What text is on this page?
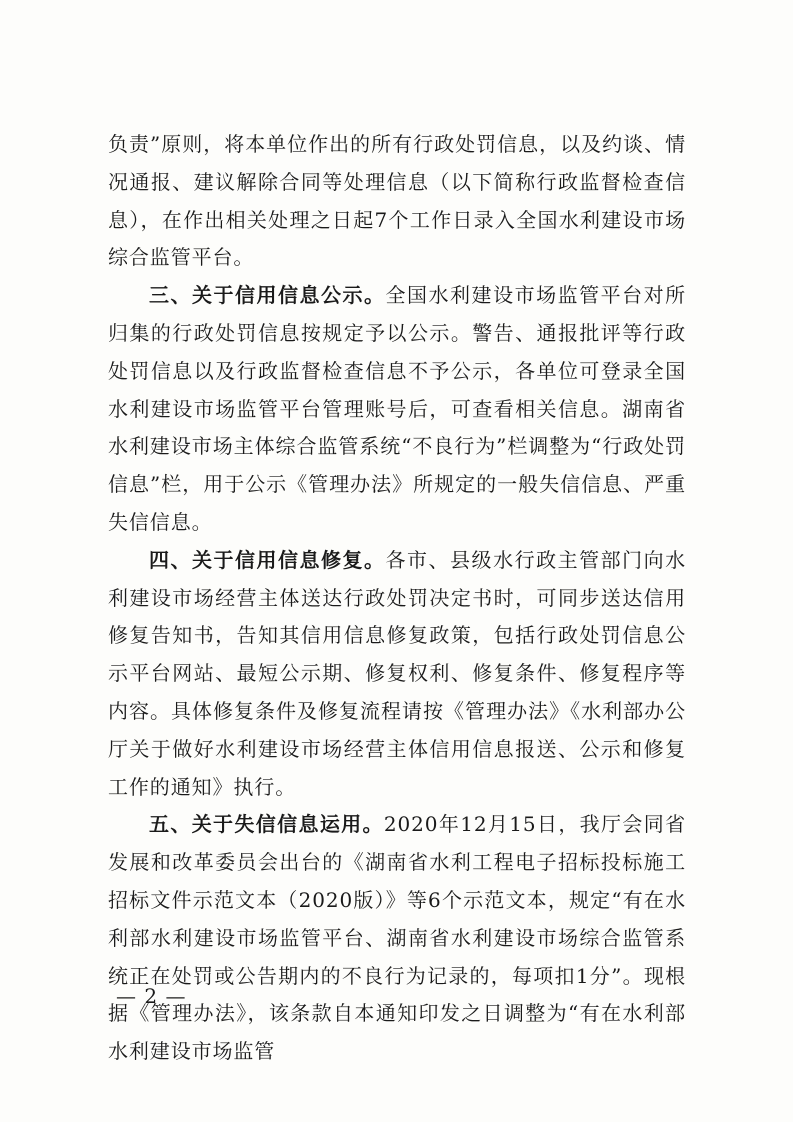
负责”原则，将本单位作出的所有行政处罚信息，以及约谈、情况通报、建议解除合同等处理信息（以下简称行政监督检查信息），在作出相关处理之日起7个工作日录入全国水利建设市场综合监管平台。

三、关于信用信息公示。全国水利建设市场监管平台对所归集的行政处罚信息按规定予以公示。警告、通报批评等行政处罚信息以及行政监督检查信息不予公示，各单位可登录全国水利建设市场监管平台管理账号后，可查看相关信息。湖南省水利建设市场主体综合监管系统“不良行为”栏调整为“行政处罚信息”栏，用于公示《管理办法》所规定的一般失信信息、严重失信信息。

四、关于信用信息修复。各市、县级水行政主管部门向水利建设市场经营主体送达行政处罚决定书时，可同步送达信用修复告知书，告知其信用信息修复政策，包括行政处罚信息公示平台网站、最短公示期、修复权利、修复条件、修复程序等内容。具体修复条件及修复流程请按《管理办法》《水利部办公厅关于做好水利建设市场经营主体信用信息报送、公示和修复工作的通知》执行。

五、关于失信信息运用。2020年12月15日，我厅会同省发展和改革委员会出台的《湖南省水利工程电子招标投标施工招标文件示范文本（2020版）》等6个示范文本，规定“有在水利部水利建设市场监管平台、湖南省水利建设市场综合监管系统正在处罚或公告期内的不良行为记录的，每项扣1分”。现根据《管理办法》，该条款自本通知印发之日调整为“有在水利部水利建设市场监管

— 2 —
